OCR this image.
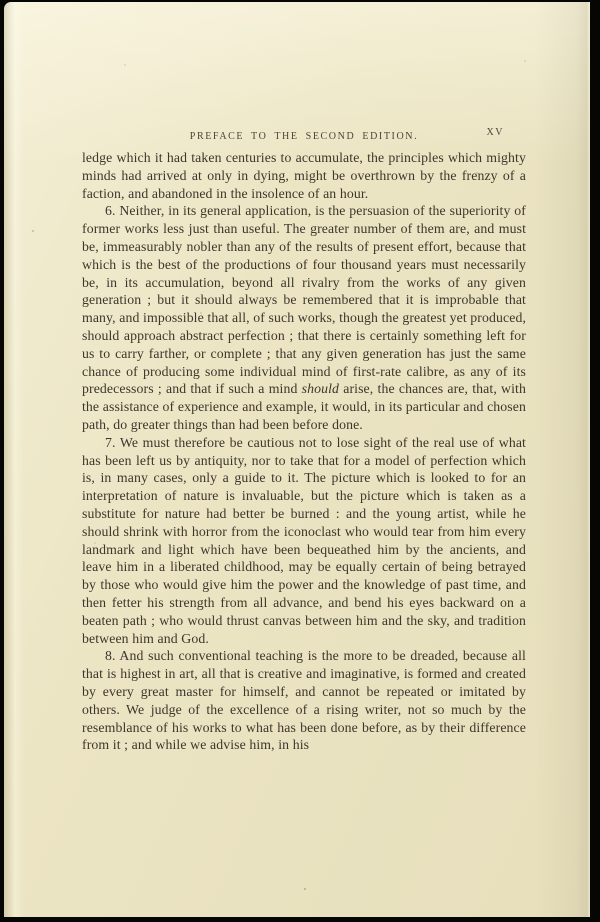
PREFACE TO THE SECOND EDITION.	XV

ledge which it had taken centuries to accumulate, the principles which mighty minds had arrived at only in dying, might be overthrown by the frenzy of a faction, and abandoned in the insolence of an hour.

6. Neither, in its general application, is the persuasion of the superiority of former works less just than useful. The greater number of them are, and must be, immeasurably nobler than any of the results of present effort, because that which is the best of the productions of four thousand years must necessarily be, in its accumulation, beyond all rivalry from the works of any given generation ; but it should always be remembered that it is improbable that many, and impossible that all, of such works, though the greatest yet produced, should approach abstract perfection ; that there is certainly something left for us to carry farther, or complete ; that any given generation has just the same chance of producing some individual mind of first-rate calibre, as any of its predecessors ; and that if such a mind should arise, the chances are, that, with the assistance of experience and example, it would, in its particular and chosen path, do greater things than had been before done.

7. We must therefore be cautious not to lose sight of the real use of what has been left us by antiquity, nor to take that for a model of perfection which is, in many cases, only a guide to it. The picture which is looked to for an interpretation of nature is invaluable, but the picture which is taken as a substitute for nature had better be burned : and the young artist, while he should shrink with horror from the iconoclast who would tear from him every landmark and light which have been bequeathed him by the ancients, and leave him in a liberated childhood, may be equally certain of being betrayed by those who would give him the power and the knowledge of past time, and then fetter his strength from all advance, and bend his eyes backward on a beaten path ; who would thrust canvas between him and the sky, and tradition between him and God.

8. And such conventional teaching is the more to be dreaded, because all that is highest in art, all that is creative and imaginative, is formed and created by every great master for himself, and cannot be repeated or imitated by others. We judge of the excellence of a rising writer, not so much by the resemblance of his works to what has been done before, as by their difference from it ; and while we advise him, in his
